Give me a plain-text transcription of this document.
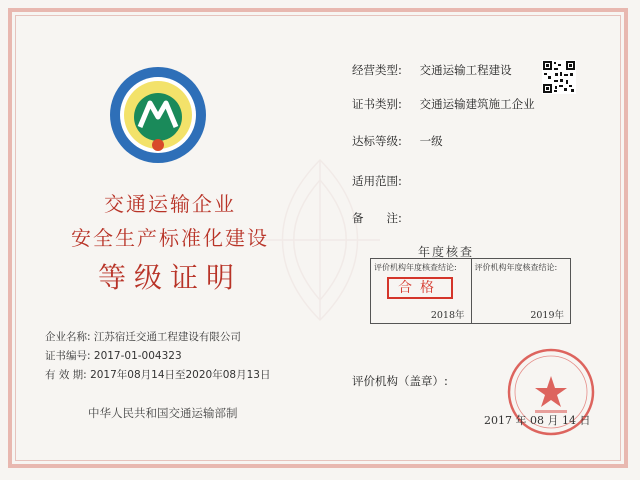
交通运输企业
安全生产标准化建设
等级证明
企业名称: 江苏宿迁交通工程建设有限公司
证书编号: 2017-01-004323
有 效 期: 2017年08月14日至2020年08月13日
中华人民共和国交通运输部制
经营类型: 交通运输工程建设
证书类别: 交通运输建筑施工企业
达标等级: 一级
适用范围:
备　　注:
年度核查
评价机构年度核查结论:
合格
2018年
评价机构年度核查结论:
2019年
评价机构（盖章）:
2017 年 08 月 14 日
